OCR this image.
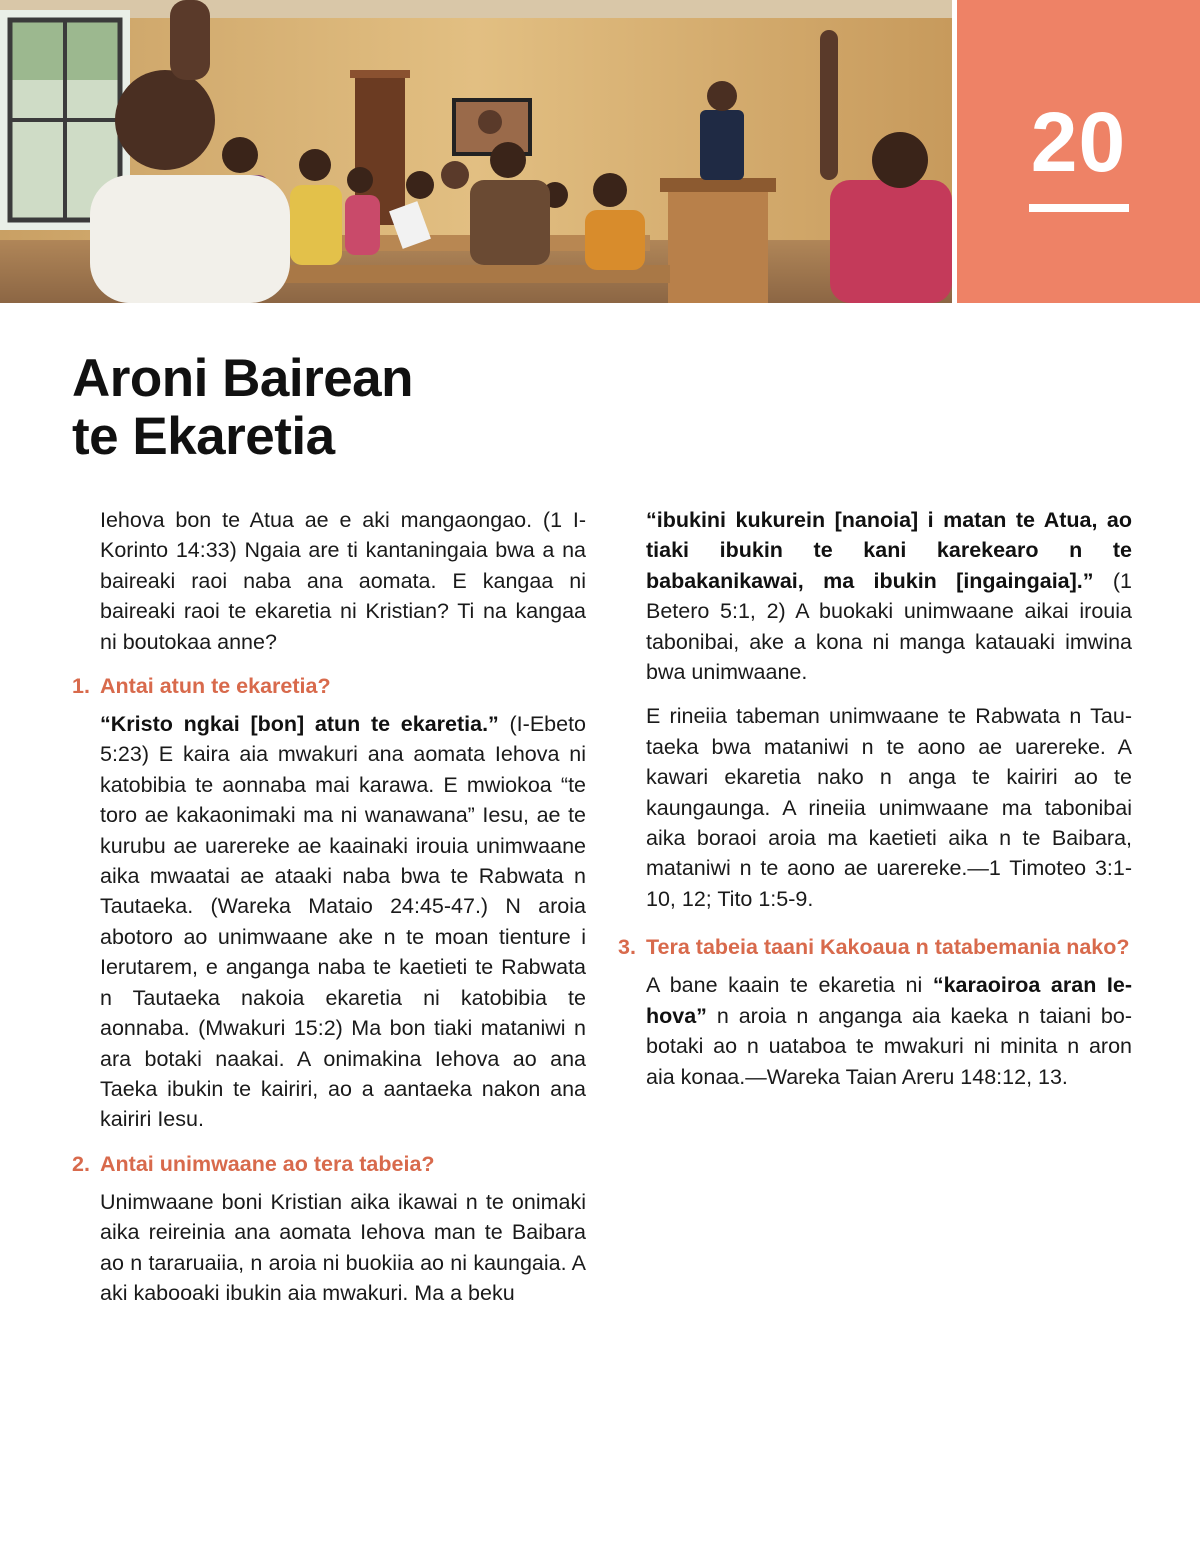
20
Aroni Bairean
te Ekaretia

Iehova bon te Atua ae e aki mangaongao. (1 I-Korinto 14:33) Ngaia are ti kantaningaia bwa a na baireaki raoi naba ana aomata. E kangaa ni baireaki raoi te ekaretia ni Kristian? Ti na kangaa ni boutokaa anne?

1. Antai atun te ekaretia?

“Kristo ngkai [bon] atun te ekaretia.” (I-Ebeto 5:23) E kaira aia mwakuri ana aomata Iehova ni katobibia te aonnaba mai karawa. E mwiokoa “te toro ae kakaonimaki ma ni wanawana” Iesu, ae te kurubu ae uarereke ae kaainaki irouia unimwaane aika mwaatai ae ataaki naba bwa te Rabwata n Tautaeka. (Wareka Mataio 24:45-47.) N aroia abotoro ao unimwaane ake n te moan tienture i Ierutarem, e anganga naba te kaetieti te Rabwata n Tautaeka nakoia ekaretia ni katobibia te aonnaba. (Mwakuri 15:2) Ma bon tiaki mataniwi n ara botaki naakai. A onimakina Iehova ao ana Taeka ibukin te kairiri, ao a aantaeka nakon ana kairiri Iesu.

2. Antai unimwaane ao tera tabeia?

Unimwaane boni Kristian aika ikawai n te onimaki aika reireinia ana aomata Iehova man te Baibara ao n tararuaiia, n aroia ni buokiia ao ni kaungaia. A aki kabooaki ibukin aia mwakuri. Ma a beku

“ibukini kukurein [nanoia] i matan te Atua, ao tiaki ibukin te kani karekearo n te babakanikawai, ma ibukin [ingaingaia].” (1 Betero 5:1, 2) A buokaki unimwaane aikai irouia tabonibai, ake a kona ni manga katauaki imwina bwa unimwaane.

E rineiia tabeman unimwaane te Rabwata n Tautaeka bwa mataniwi n te aono ae uarereke. A kawari ekaretia nako n anga te kairiri ao te kaungaunga. A rineiia unimwaane ma tabonibai aika boraoi aroia ma kaetieti aika n te Baibara, mataniwi n te aono ae uarereke.—1 Timoteo 3:1-10, 12; Tito 1:5-9.

3. Tera tabeia taani Kakoaua n tatabemania nako?

A bane kaain te ekaretia ni “karaoiroa aran Iehova” n aroia n anganga aia kaeka n taiani bobotaki ao n uataboa te mwakuri ni minita n aron aia konaa.—Wareka Taian Areru 148:12, 13.
